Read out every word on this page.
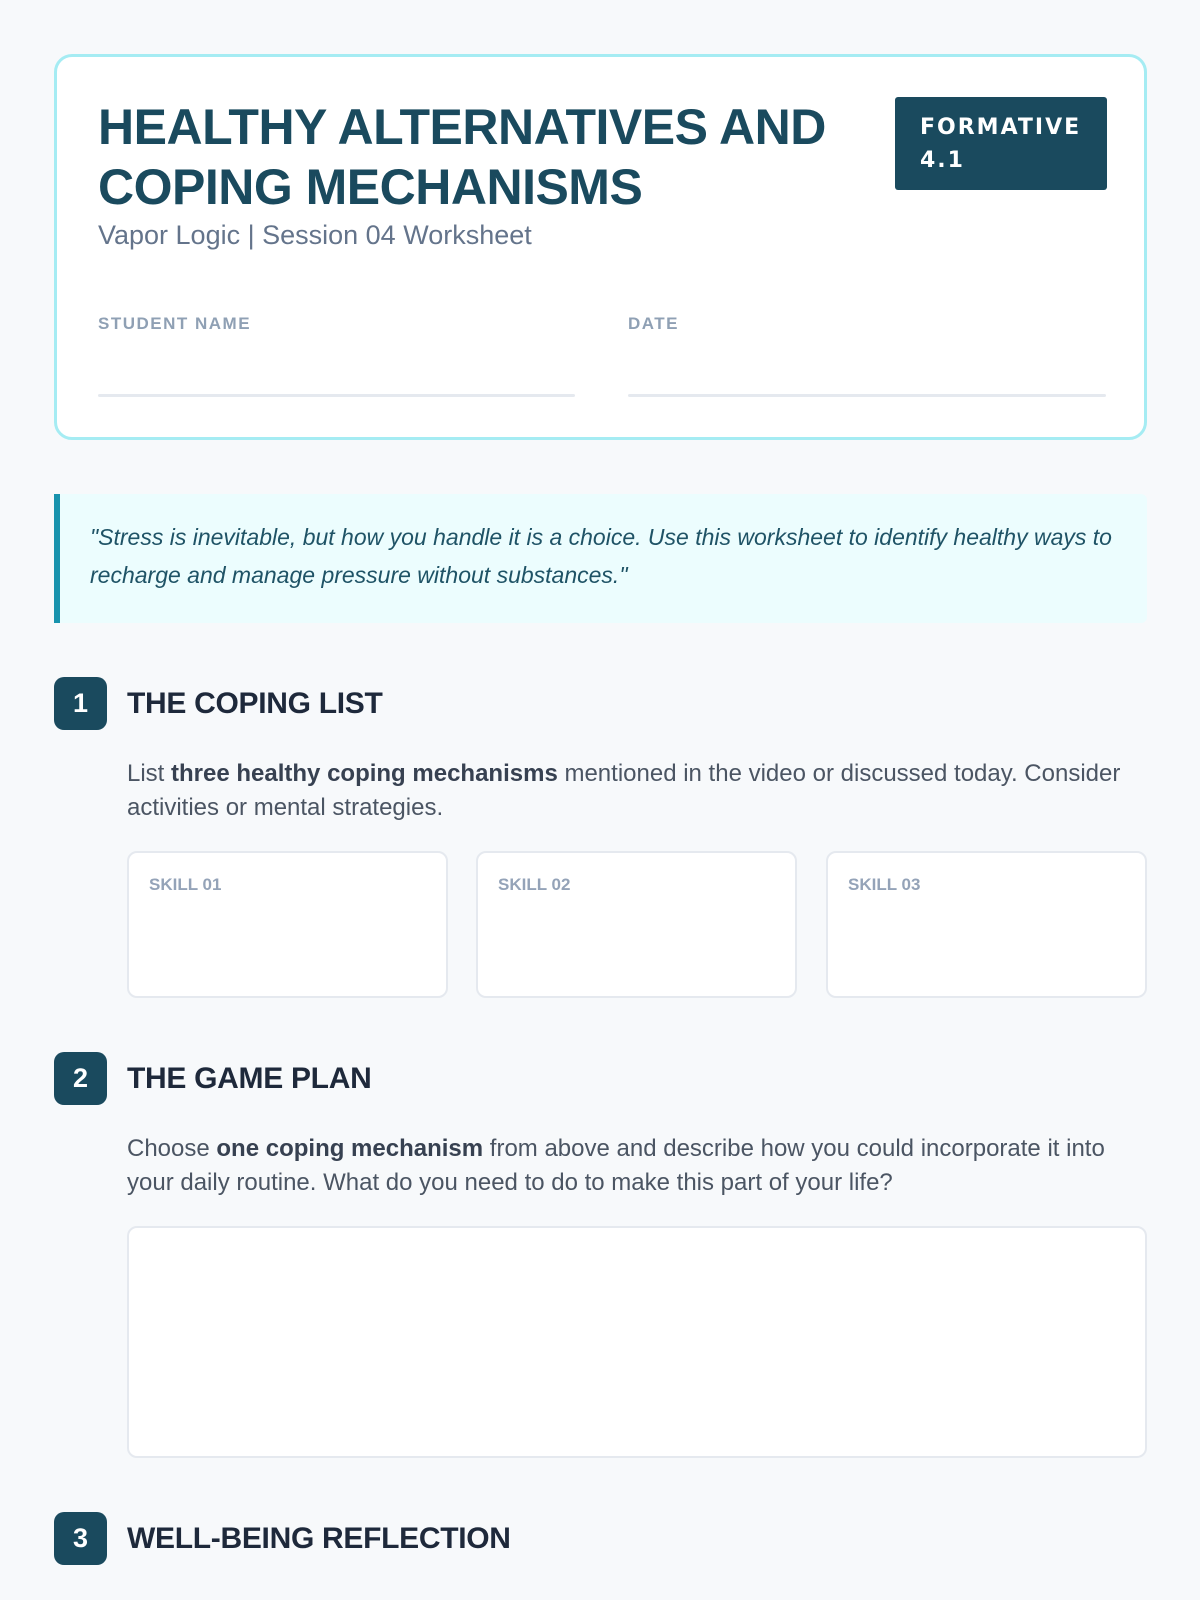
HEALTHY ALTERNATIVES AND COPING MECHANISMS
FORMATIVE
4.1
Vapor Logic | Session 04 Worksheet
STUDENT NAME	DATE
"Stress is inevitable, but how you handle it is a choice. Use this worksheet to identify healthy ways to recharge and manage pressure without substances."
1	THE COPING LIST
List three healthy coping mechanisms mentioned in the video or discussed today. Consider activities or mental strategies.
SKILL 01	SKILL 02	SKILL 03
2	THE GAME PLAN
Choose one coping mechanism from above and describe how you could incorporate it into your daily routine. What do you need to do to make this part of your life?
3	WELL-BEING REFLECTION
